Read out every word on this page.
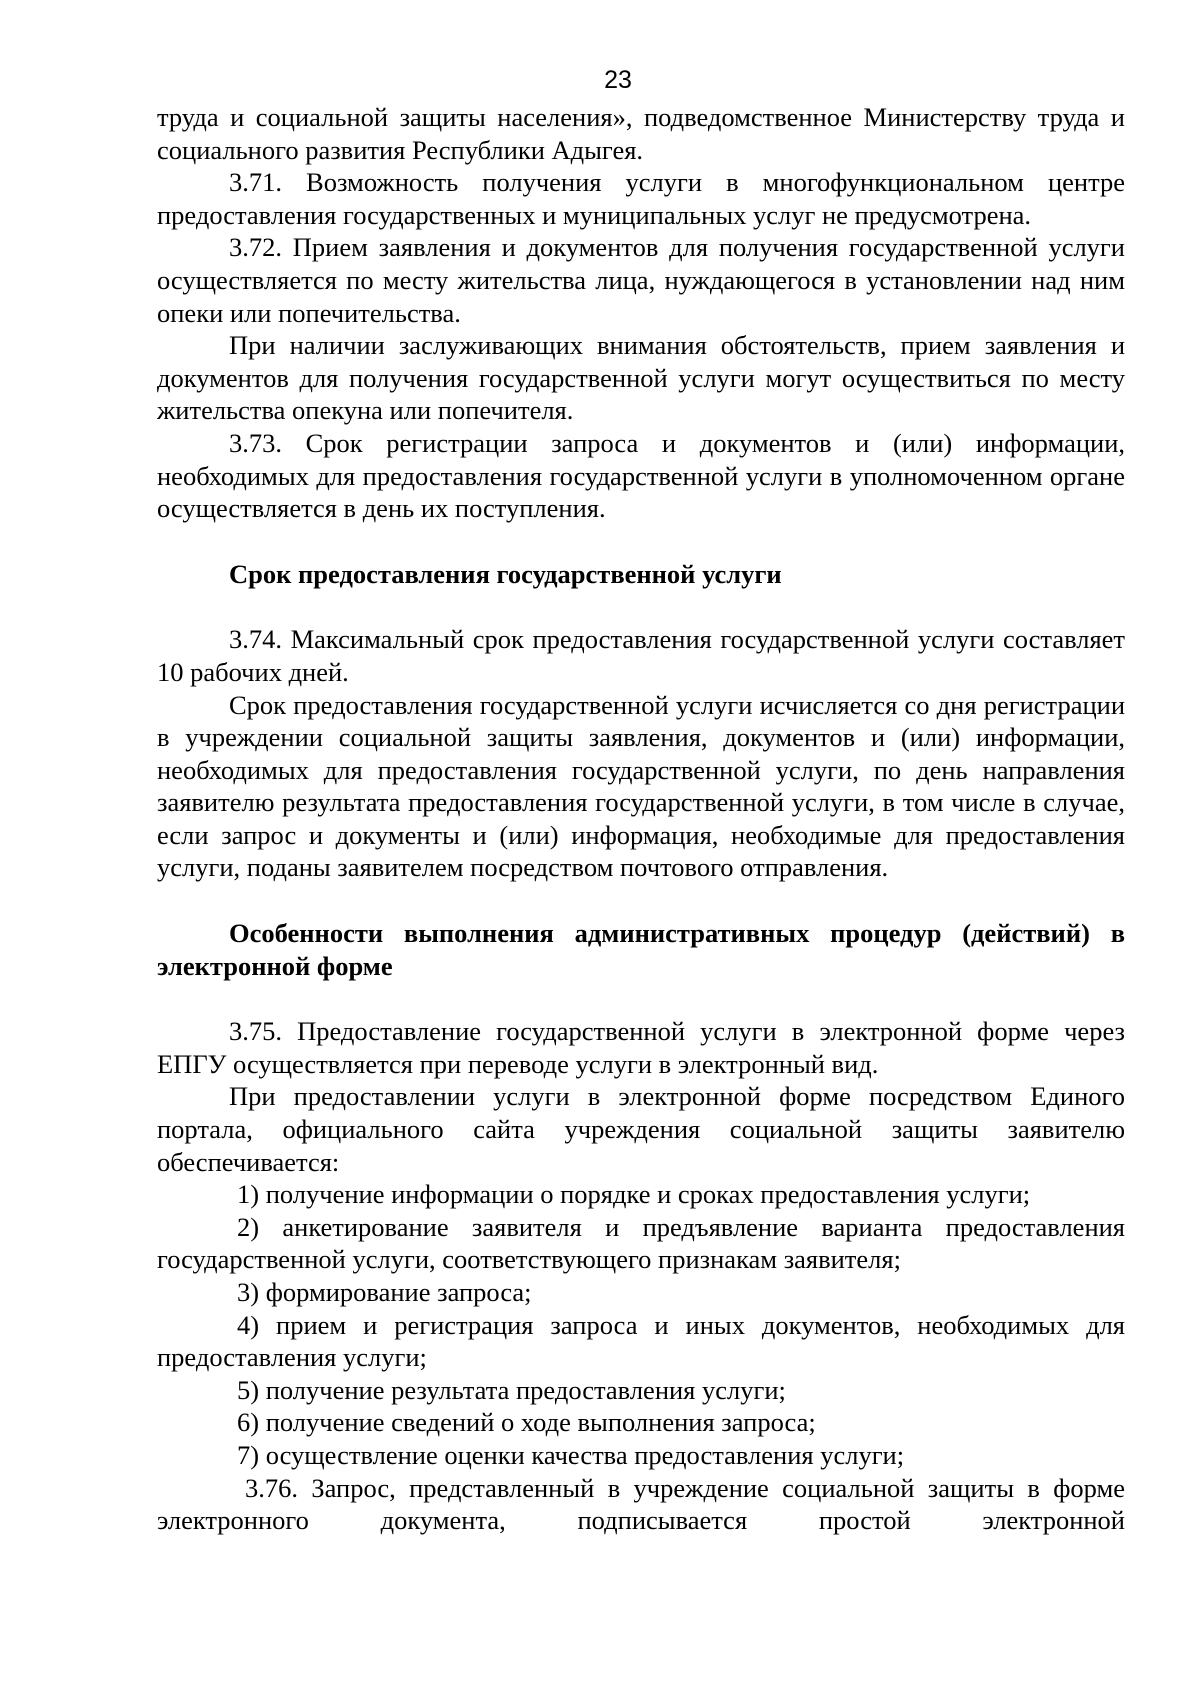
23

труда и социальной защиты населения», подведомственное Министерству труда и социального развития Республики Адыгея.

3.71. Возможность получения услуги в многофункциональном центре предоставления государственных и муниципальных услуг не предусмотрена.

3.72. Прием заявления и документов для получения государственной услуги осуществляется по месту жительства лица, нуждающегося в установлении над ним опеки или попечительства.

При наличии заслуживающих внимания обстоятельств, прием заявления и документов для получения государственной услуги могут осуществиться по месту жительства опекуна или попечителя.

3.73. Срок регистрации запроса и документов и (или) информации, необходимых для предоставления государственной услуги в уполномоченном органе осуществляется в день их поступления.

Срок предоставления государственной услуги

3.74. Максимальный срок предоставления государственной услуги составляет 10 рабочих дней.

Срок предоставления государственной услуги исчисляется со дня регистрации в учреждении социальной защиты заявления, документов и (или) информации, необходимых для предоставления государственной услуги, по день направления заявителю результата предоставления государственной услуги, в том числе в случае, если запрос и документы и (или) информация, необходимые для предоставления услуги, поданы заявителем посредством почтового отправления.

Особенности выполнения административных процедур (действий) в электронной форме

3.75. Предоставление государственной услуги в электронной форме через ЕПГУ осуществляется при переводе услуги в электронный вид.

При предоставлении услуги в электронной форме посредством Единого портала, официального сайта учреждения социальной защиты заявителю обеспечивается:

1) получение информации о порядке и сроках предоставления услуги;

2) анкетирование заявителя и предъявление варианта предоставления государственной услуги, соответствующего признакам заявителя;

3) формирование запроса;

4) прием и регистрация запроса и иных документов, необходимых для предоставления услуги;

5) получение результата предоставления услуги;

6) получение сведений о ходе выполнения запроса;

7) осуществление оценки качества предоставления услуги;

3.76. Запрос, представленный в учреждение социальной защиты в форме электронного документа, подписывается простой электронной
